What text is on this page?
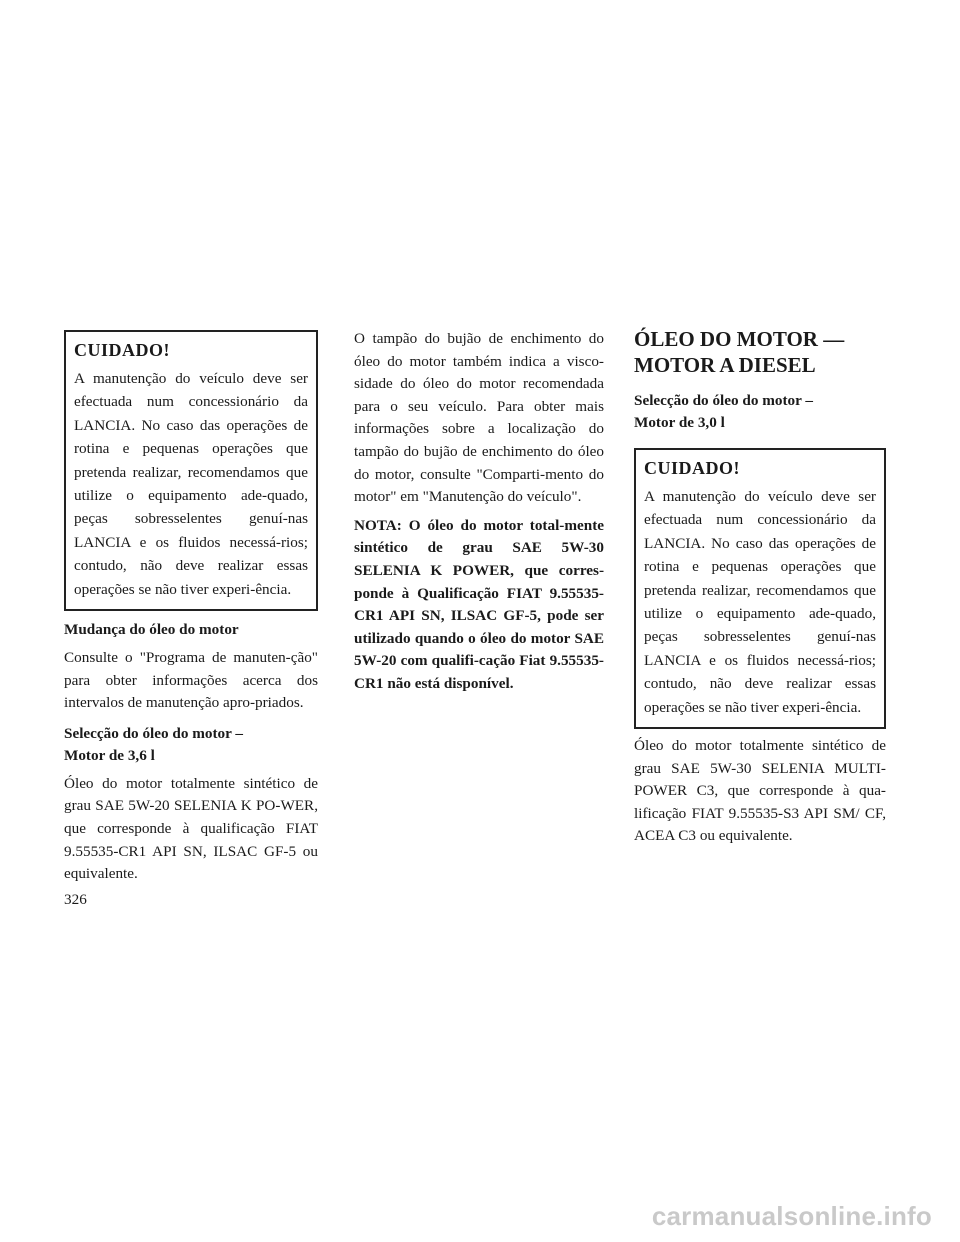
CUIDADO!
A manutenção do veículo deve ser efectuada num concessionário da LANCIA. No caso das operações de rotina e pequenas operações que pretenda realizar, recomendamos que utilize o equipamento ade-quado, peças sobresselentes genuí-nas LANCIA e os fluidos necessá-rios; contudo, não deve realizar essas operações se não tiver experi-ência.
Mudança do óleo do motor

Consulte o "Programa de manuten-ção" para obter informações acerca dos intervalos de manutenção apro-priados.

Selecção do óleo do motor –
Motor de 3,6 l

Óleo do motor totalmente sintético de grau SAE 5W-20 SELENIA K PO-WER, que corresponde à qualificação FIAT 9.55535-CR1 API SN, ILSAC GF-5 ou equivalente.

O tampão do bujão de enchimento do óleo do motor também indica a visco-sidade do óleo do motor recomendada para o seu veículo. Para obter mais informações sobre a localização do tampão do bujão de enchimento do óleo do motor, consulte "Comparti-mento do motor" em "Manutenção do veículo".

NOTA: O óleo do motor total-mente sintético de grau SAE 5W-30 SELENIA K POWER, que corres-ponde à Qualificação FIAT 9.55535-CR1 API SN, ILSAC GF-5, pode ser utilizado quando o óleo do motor SAE 5W-20 com qualifi-cação Fiat 9.55535-CR1 não está disponível.

ÓLEO DO MOTOR —
MOTOR A DIESEL
Selecção do óleo do motor –
Motor de 3,0 l
CUIDADO!
A manutenção do veículo deve ser efectuada num concessionário da LANCIA. No caso das operações de rotina e pequenas operações que pretenda realizar, recomendamos que utilize o equipamento ade-quado, peças sobresselentes genuí-nas LANCIA e os fluidos necessá-rios; contudo, não deve realizar essas operações se não tiver experi-ência.

Óleo do motor totalmente sintético de grau SAE 5W-30 SELENIA MULTI-POWER C3, que corresponde à qua-lificação FIAT 9.55535-S3 API SM/ CF, ACEA C3 ou equivalente.

326
carmanualsonline.info
